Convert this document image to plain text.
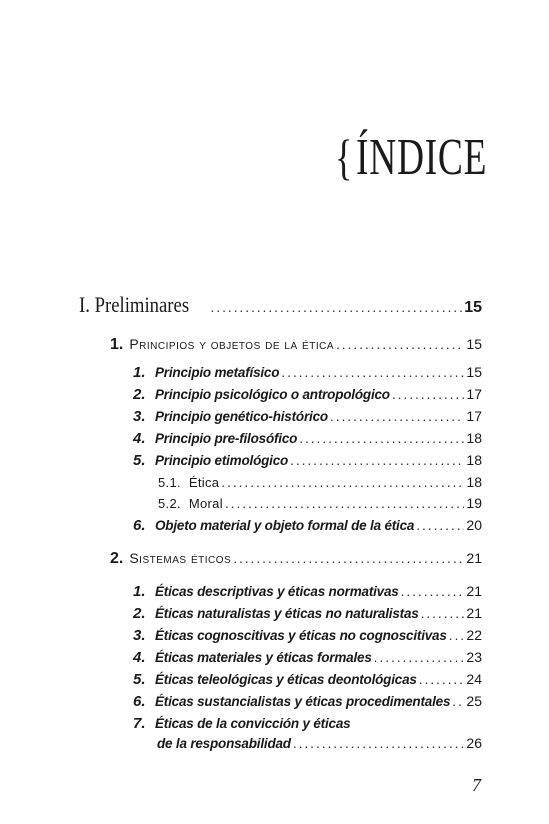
{ÍNDICE
I. Preliminares . . .	15
1. Principios y objetos de la ética . . .	15
1. Principio metafísico . . .	15
2. Principio psicológico o antropológico . . .	17
3. Principio genético-histórico . . .	17
4. Principio pre-filosófico . . .	18
5. Principio etimológico . . .	18
5.1. Ética . . .	18
5.2. Moral . . .	19
6. Objeto material y objeto formal de la ética . . .	20
2. Sistemas éticos . . .	21
1. Éticas descriptivas y éticas normativas . . .	21
2. Éticas naturalistas y éticas no naturalistas . . .	21
3. Éticas cognoscitivas y éticas no cognoscitivas . . . 22
4. Éticas materiales y éticas formales . . .	23
5. Éticas teleológicas y éticas deontológicas . . .	24
6. Éticas sustancialistas y éticas procedimentales . . . 25
7. Éticas de la convicción y éticas
de la responsabilidad . . .	26
7
